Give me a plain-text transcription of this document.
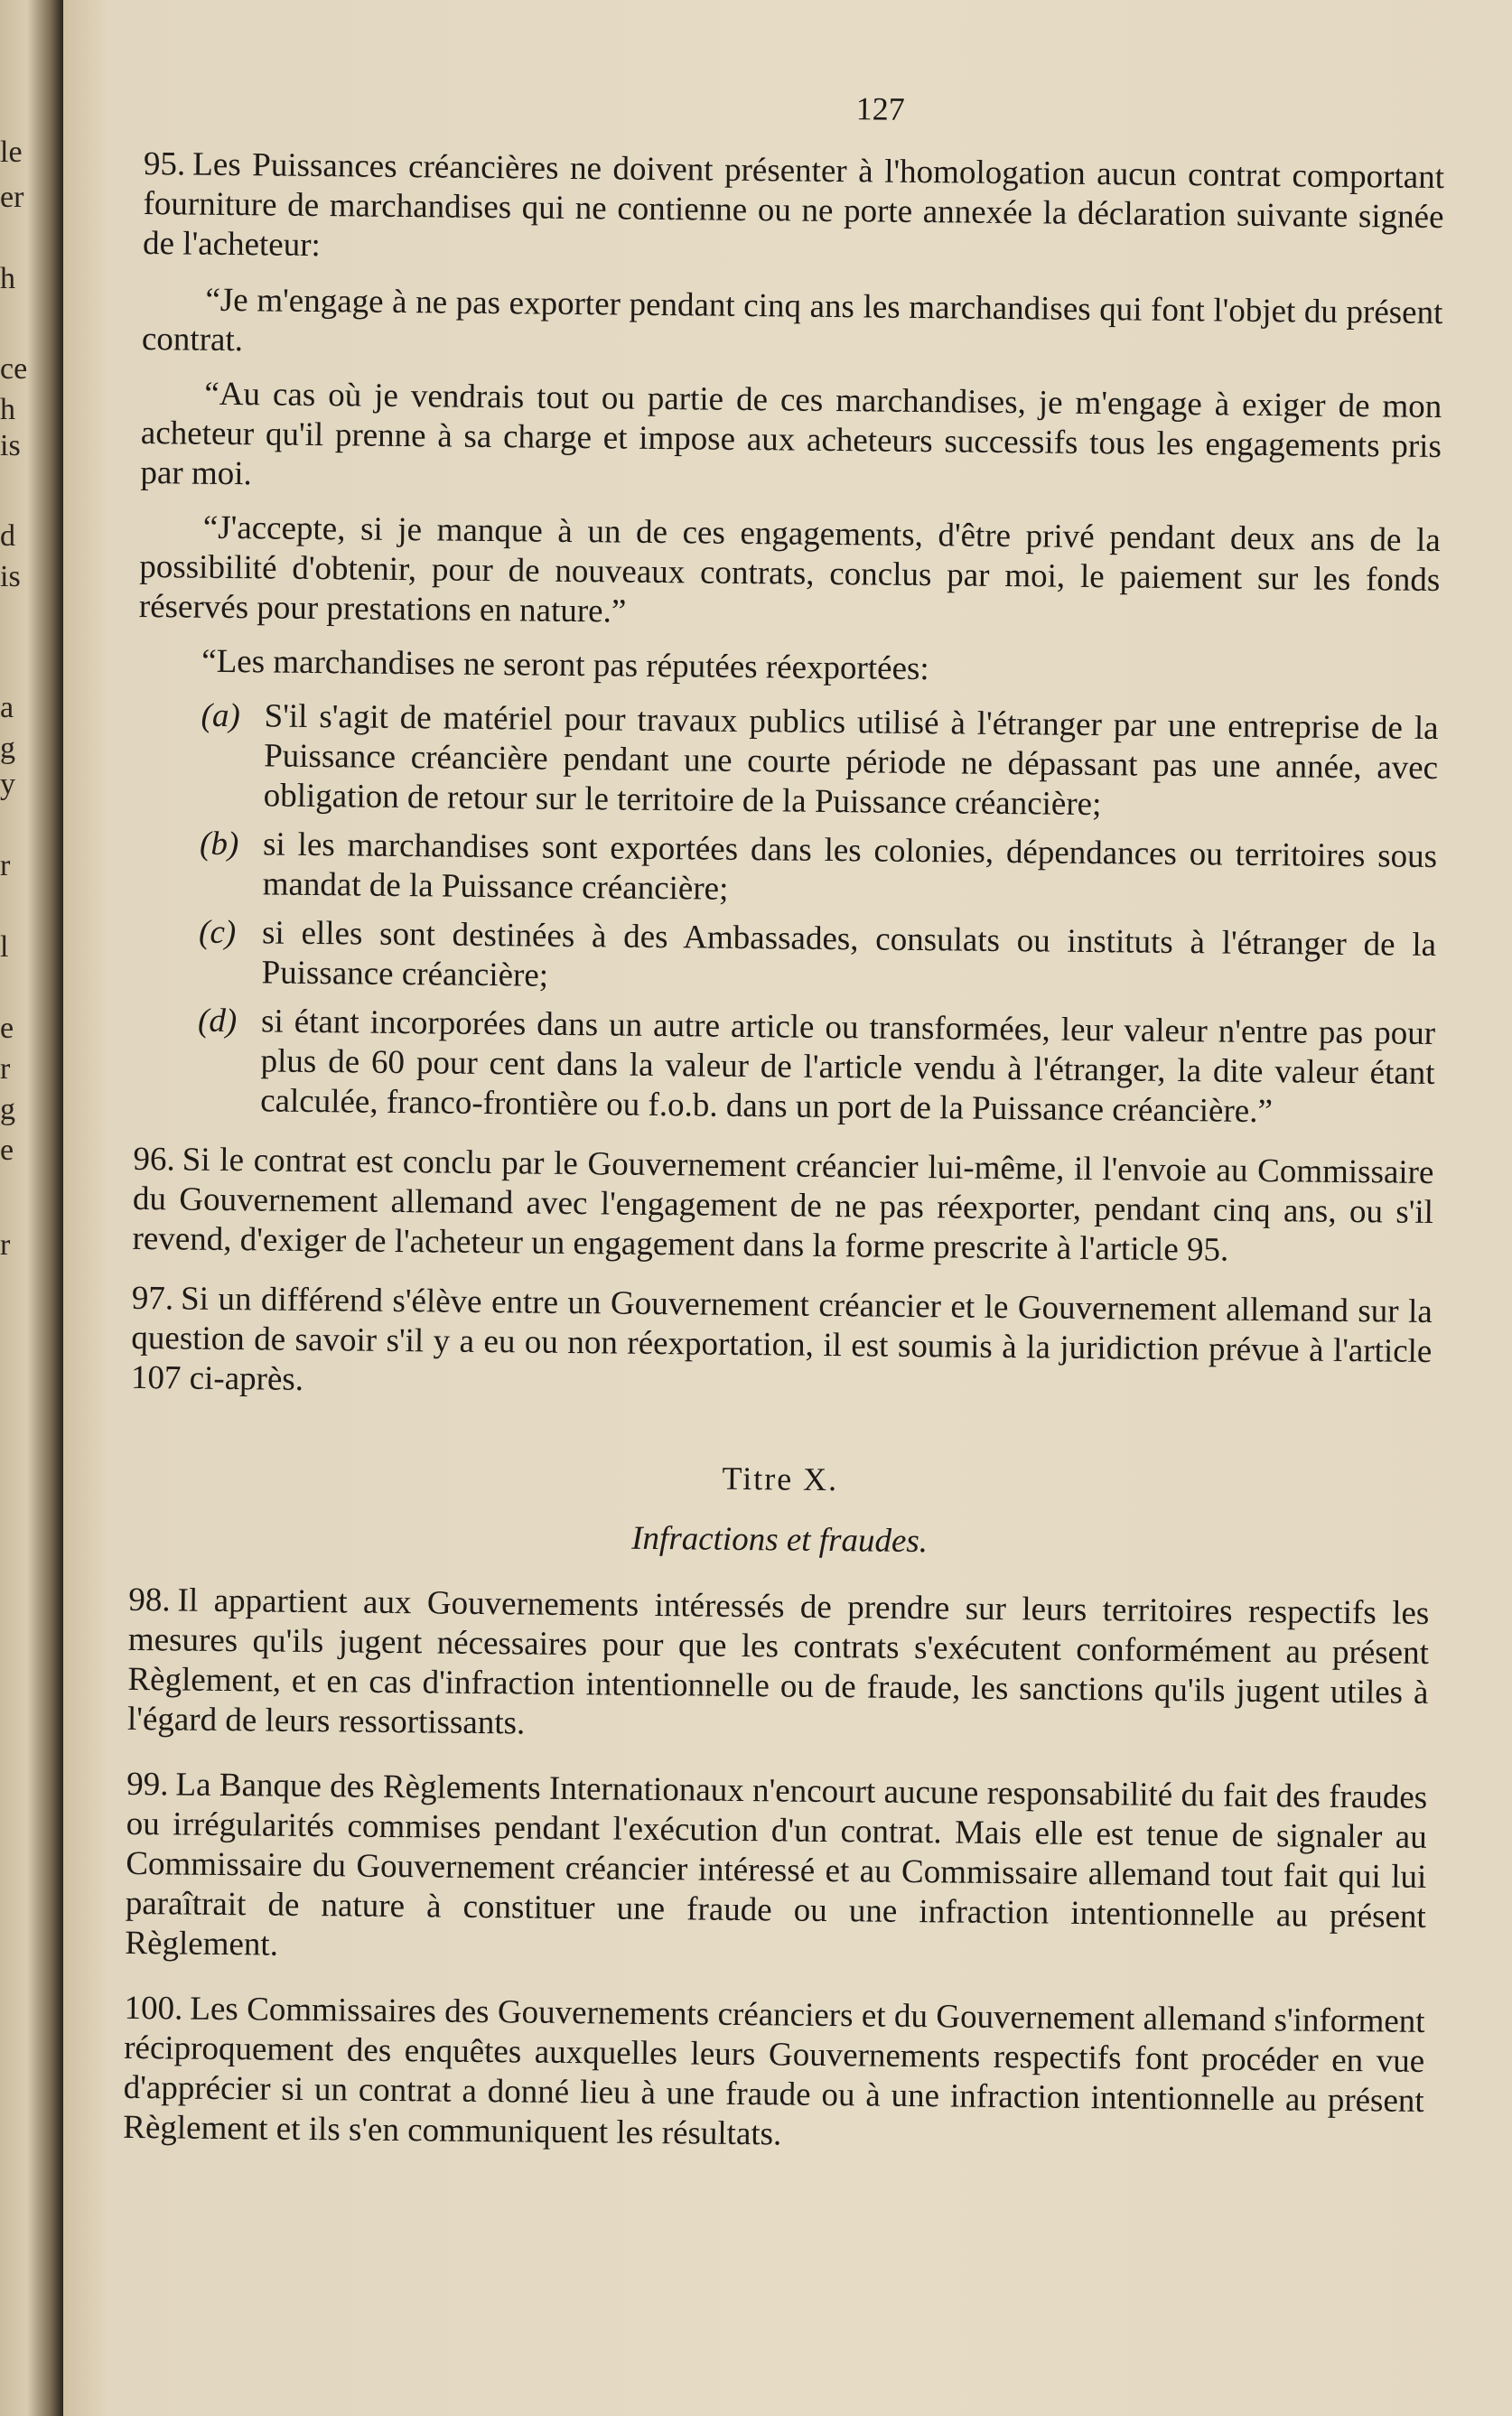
le
er
h
ce
h
is
d
is
a
g
y
r
l
e
r
g
e
r
127
95. Les Puissances créancières ne doivent présenter à l'homologation aucun contrat comportant fourniture de marchandises qui ne contienne ou ne porte annexée la déclaration suivante signée de l'acheteur:
“Je m'engage à ne pas exporter pendant cinq ans les marchandises qui font l'objet du présent contrat.
“Au cas où je vendrais tout ou partie de ces marchandises, je m'engage à exiger de mon acheteur qu'il prenne à sa charge et impose aux acheteurs successifs tous les engagements pris par moi.
“J'accepte, si je manque à un de ces engagements, d'être privé pendant deux ans de la possibilité d'obtenir, pour de nouveaux contrats, conclus par moi, le paiement sur les fonds réservés pour prestations en nature.”
“Les marchandises ne seront pas réputées réexportées:
(a) S'il s'agit de matériel pour travaux publics utilisé à l'étranger par une entreprise de la Puissance créancière pendant une courte période ne dépassant pas une année, avec obligation de retour sur le territoire de la Puissance créancière;
(b) si les marchandises sont exportées dans les colonies, dépendances ou territoires sous mandat de la Puissance créancière;
(c) si elles sont destinées à des Ambassades, consulats ou instituts à l'étranger de la Puissance créancière;
(d) si étant incorporées dans un autre article ou transformées, leur valeur n'entre pas pour plus de 60 pour cent dans la valeur de l'article vendu à l'étranger, la dite valeur étant calculée, franco-frontière ou f.o.b. dans un port de la Puissance créancière.”
96. Si le contrat est conclu par le Gouvernement créancier lui-même, il l'envoie au Commissaire du Gouvernement allemand avec l'engagement de ne pas réexporter, pendant cinq ans, ou s'il revend, d'exiger de l'acheteur un engagement dans la forme prescrite à l'article 95.
97. Si un différend s'élève entre un Gouvernement créancier et le Gouvernement allemand sur la question de savoir s'il y a eu ou non réexportation, il est soumis à la juridiction prévue à l'article 107 ci-après.
Titre X.
Infractions et fraudes.
98. Il appartient aux Gouvernements intéressés de prendre sur leurs territoires respectifs les mesures qu'ils jugent nécessaires pour que les contrats s'exécutent conformément au présent Règlement, et en cas d'infraction intentionnelle ou de fraude, les sanctions qu'ils jugent utiles à l'égard de leurs ressortissants.
99. La Banque des Règlements Internationaux n'encourt aucune responsabilité du fait des fraudes ou irrégularités commises pendant l'exécution d'un contrat. Mais elle est tenue de signaler au Commissaire du Gouvernement créancier intéressé et au Commissaire allemand tout fait qui lui paraîtrait de nature à constituer une fraude ou une infraction intentionnelle au présent Règlement.
100. Les Commissaires des Gouvernements créanciers et du Gouvernement allemand s'informent réciproquement des enquêtes auxquelles leurs Gouvernements respectifs font procéder en vue d'apprécier si un contrat a donné lieu à une fraude ou à une infraction intentionnelle au présent Règlement et ils s'en communiquent les résultats.
